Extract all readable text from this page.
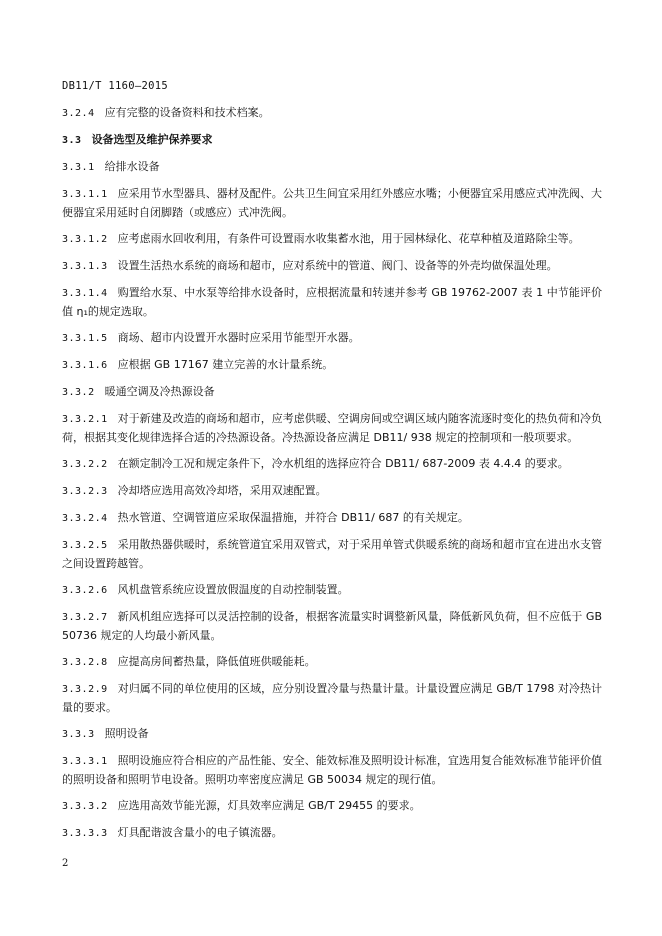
DB11/T 1160—2015

3.2.4 应有完整的设备资料和技术档案。

3.3 设备选型及维护保养要求

3.3.1 给排水设备

3.3.1.1 应采用节水型器具、器材及配件。公共卫生间宜采用红外感应水嘴；小便器宜采用感应式冲洗阀、大便器宜采用延时自闭脚踏（或感应）式冲洗阀。

3.3.1.2 应考虑雨水回收利用，有条件可设置雨水收集蓄水池，用于园林绿化、花草种植及道路除尘等。

3.3.1.3 设置生活热水系统的商场和超市，应对系统中的管道、阀门、设备等的外壳均做保温处理。

3.3.1.4 购置给水泵、中水泵等给排水设备时，应根据流量和转速并参考 GB 19762-2007 表 1 中节能评价值 η₁的规定选取。

3.3.1.5 商场、超市内设置开水器时应采用节能型开水器。

3.3.1.6 应根据 GB 17167 建立完善的水计量系统。

3.3.2 暖通空调及冷热源设备

3.3.2.1 对于新建及改造的商场和超市，应考虑供暖、空调房间或空调区域内随客流逐时变化的热负荷和冷负荷，根据其变化规律选择合适的冷热源设备。冷热源设备应满足 DB11/ 938 规定的控制项和一般项要求。

3.3.2.2 在额定制冷工况和规定条件下，冷水机组的选择应符合 DB11/ 687-2009 表 4.4.4 的要求。

3.3.2.3 冷却塔应选用高效冷却塔，采用双速配置。

3.3.2.4 热水管道、空调管道应采取保温措施，并符合 DB11/ 687 的有关规定。

3.3.2.5 采用散热器供暖时，系统管道宜采用双管式，对于采用单管式供暖系统的商场和超市宜在进出水支管之间设置跨越管。

3.3.2.6 风机盘管系统应设置放假温度的自动控制装置。

3.3.2.7 新风机组应选择可以灵活控制的设备，根据客流量实时调整新风量，降低新风负荷，但不应低于 GB 50736 规定的人均最小新风量。

3.3.2.8 应提高房间蓄热量，降低值班供暖能耗。

3.3.2.9 对归属不同的单位使用的区域，应分别设置冷量与热量计量。计量设置应满足 GB/T 1798 对冷热计量的要求。

3.3.3 照明设备

3.3.3.1 照明设施应符合相应的产品性能、安全、能效标准及照明设计标准，宜选用复合能效标准节能评价值的照明设备和照明节电设备。照明功率密度应满足 GB 50034 规定的现行值。

3.3.3.2 应选用高效节能光源，灯具效率应满足 GB/T 29455 的要求。

3.3.3.3 灯具配谐波含量小的电子镇流器。

2
